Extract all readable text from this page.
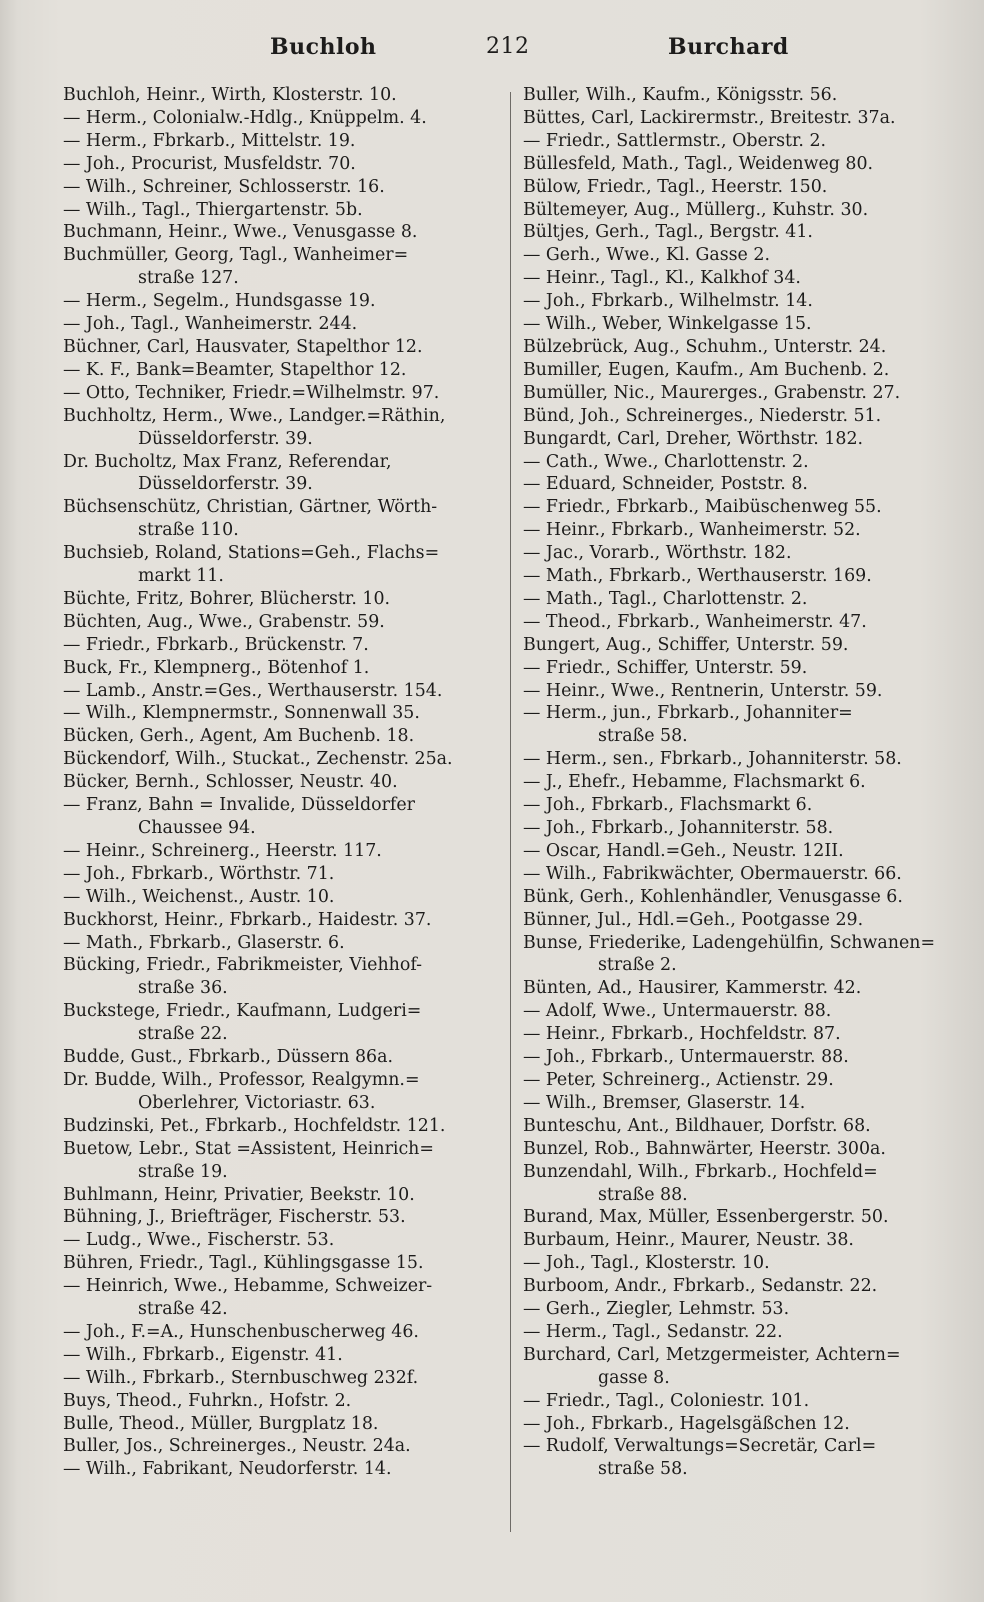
Buchloh	212	Burchard
Buchloh, Heinr., Wirth, Klosterstr. 10.
— Herm., Colonialw.-Hdlg., Knüppelm. 4.
— Herm., Fbrkarb., Mittelstr. 19.
— Joh., Procurist, Musfeldstr. 70.
— Wilh., Schreiner, Schlosserstr. 16.
— Wilh., Tagl., Thiergartenstr. 5b.
Buchmann, Heinr., Wwe., Venusgasse 8.
Buchmüller, Georg, Tagl., Wanheimer=
straße 127.
— Herm., Segelm., Hundsgasse 19.
— Joh., Tagl., Wanheimerstr. 244.
Büchner, Carl, Hausvater, Stapelthor 12.
— K. F., Bank=Beamter, Stapelthor 12.
— Otto, Techniker, Friedr.=Wilhelmstr. 97.
Buchholtz, Herm., Wwe., Landger.=Räthin,
Düsseldorferstr. 39.
Dr. Bucholtz, Max Franz, Referendar,
Düsseldorferstr. 39.
Büchsenschütz, Christian, Gärtner, Wörth-
straße 110.
Buchsieb, Roland, Stations=Geh., Flachs=
markt 11.
Büchte, Fritz, Bohrer, Blücherstr. 10.
Büchten, Aug., Wwe., Grabenstr. 59.
— Friedr., Fbrkarb., Brückenstr. 7.
Buck, Fr., Klempnerg., Bötenhof 1.
— Lamb., Anstr.=Ges., Werthauserstr. 154.
— Wilh., Klempnermstr., Sonnenwall 35.
Bücken, Gerh., Agent, Am Buchenb. 18.
Bückendorf, Wilh., Stuckat., Zechenstr. 25a.
Bücker, Bernh., Schlosser, Neustr. 40.
— Franz, Bahn = Invalide, Düsseldorfer
Chaussee 94.
— Heinr., Schreinerg., Heerstr. 117.
— Joh., Fbrkarb., Wörthstr. 71.
— Wilh., Weichenst., Austr. 10.
Buckhorst, Heinr., Fbrkarb., Haidestr. 37.
— Math., Fbrkarb., Glaserstr. 6.
Bücking, Friedr., Fabrikmeister, Viehhof-
straße 36.
Buckstege, Friedr., Kaufmann, Ludgeri=
straße 22.
Budde, Gust., Fbrkarb., Düssern 86a.
Dr. Budde, Wilh., Professor, Realgymn.=
Oberlehrer, Victoriastr. 63.
Budzinski, Pet., Fbrkarb., Hochfeldstr. 121.
Buetow, Lebr., Stat =Assistent, Heinrich=
straße 19.
Buhlmann, Heinr, Privatier, Beekstr. 10.
Bühning, J., Briefträger, Fischerstr. 53.
— Ludg., Wwe., Fischerstr. 53.
Bühren, Friedr., Tagl., Kühlingsgasse 15.
— Heinrich, Wwe., Hebamme, Schweizer-
straße 42.
— Joh., F.=A., Hunschenbuscherweg 46.
— Wilh., Fbrkarb., Eigenstr. 41.
— Wilh., Fbrkarb., Sternbuschweg 232f.
Buys, Theod., Fuhrkn., Hofstr. 2.
Bulle, Theod., Müller, Burgplatz 18.
Buller, Jos., Schreinerges., Neustr. 24a.
— Wilh., Fabrikant, Neudorferstr. 14.
Buller, Wilh., Kaufm., Königsstr. 56.
Büttes, Carl, Lackirermstr., Breitestr. 37a.
— Friedr., Sattlermstr., Oberstr. 2.
Büllesfeld, Math., Tagl., Weidenweg 80.
Bülow, Friedr., Tagl., Heerstr. 150.
Bültemeyer, Aug., Müllerg., Kuhstr. 30.
Bültjes, Gerh., Tagl., Bergstr. 41.
— Gerh., Wwe., Kl. Gasse 2.
— Heinr., Tagl., Kl., Kalkhof 34.
— Joh., Fbrkarb., Wilhelmstr. 14.
— Wilh., Weber, Winkelgasse 15.
Bülzebrück, Aug., Schuhm., Unterstr. 24.
Bumiller, Eugen, Kaufm., Am Buchenb. 2.
Bumüller, Nic., Maurerges., Grabenstr. 27.
Bünd, Joh., Schreinerges., Niederstr. 51.
Bungardt, Carl, Dreher, Wörthstr. 182.
— Cath., Wwe., Charlottenstr. 2.
— Eduard, Schneider, Poststr. 8.
— Friedr., Fbrkarb., Maibüschenweg 55.
— Heinr., Fbrkarb., Wanheimerstr. 52.
— Jac., Vorarb., Wörthstr. 182.
— Math., Fbrkarb., Werthauserstr. 169.
— Math., Tagl., Charlottenstr. 2.
— Theod., Fbrkarb., Wanheimerstr. 47.
Bungert, Aug., Schiffer, Unterstr. 59.
— Friedr., Schiffer, Unterstr. 59.
— Heinr., Wwe., Rentnerin, Unterstr. 59.
— Herm., jun., Fbrkarb., Johanniter=
straße 58.
— Herm., sen., Fbrkarb., Johanniterstr. 58.
— J., Ehefr., Hebamme, Flachsmarkt 6.
— Joh., Fbrkarb., Flachsmarkt 6.
— Joh., Fbrkarb., Johanniterstr. 58.
— Oscar, Handl.=Geh., Neustr. 12II.
— Wilh., Fabrikwächter, Obermauerstr. 66.
Bünk, Gerh., Kohlenhändler, Venusgasse 6.
Bünner, Jul., Hdl.=Geh., Pootgasse 29.
Bunse, Friederike, Ladengehülfin, Schwanen=
straße 2.
Bünten, Ad., Hausirer, Kammerstr. 42.
— Adolf, Wwe., Untermauerstr. 88.
— Heinr., Fbrkarb., Hochfeldstr. 87.
— Joh., Fbrkarb., Untermauerstr. 88.
— Peter, Schreinerg., Actienstr. 29.
— Wilh., Bremser, Glaserstr. 14.
Bunteschu, Ant., Bildhauer, Dorfstr. 68.
Bunzel, Rob., Bahnwärter, Heerstr. 300a.
Bunzendahl, Wilh., Fbrkarb., Hochfeld=
straße 88.
Burand, Max, Müller, Essenbergerstr. 50.
Burbaum, Heinr., Maurer, Neustr. 38.
— Joh., Tagl., Klosterstr. 10.
Burboom, Andr., Fbrkarb., Sedanstr. 22.
— Gerh., Ziegler, Lehmstr. 53.
— Herm., Tagl., Sedanstr. 22.
Burchard, Carl, Metzgermeister, Achtern=
gasse 8.
— Friedr., Tagl., Coloniestr. 101.
— Joh., Fbrkarb., Hagelsgäßchen 12.
— Rudolf, Verwaltungs=Secretär, Carl=
straße 58.
